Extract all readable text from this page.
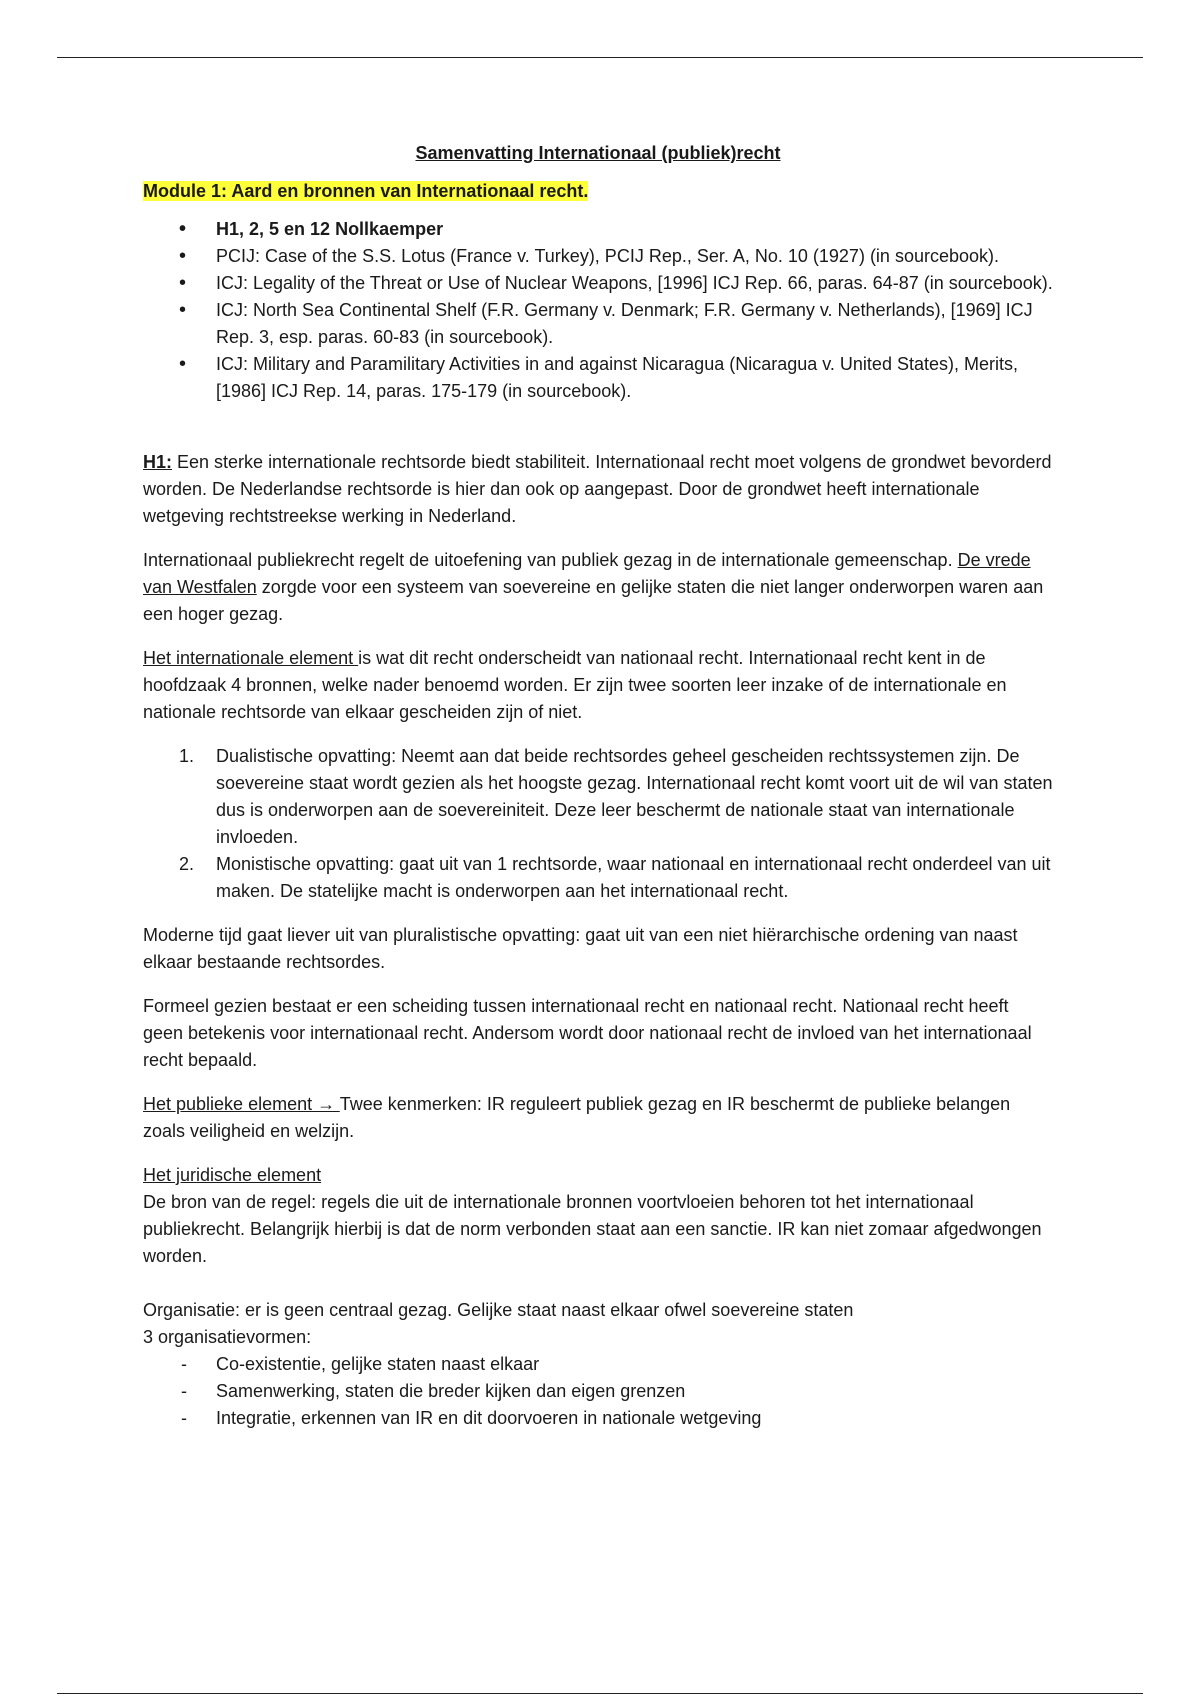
Samenvatting Internationaal (publiek)recht
Module 1: Aard en bronnen van Internationaal recht.
• H1, 2, 5 en 12 Nollkaemper
• PCIJ: Case of the S.S. Lotus (France v. Turkey), PCIJ Rep., Ser. A, No. 10 (1927) (in sourcebook).
• ICJ: Legality of the Threat or Use of Nuclear Weapons, [1996] ICJ Rep. 66, paras. 64-87 (in sourcebook).
• ICJ: North Sea Continental Shelf (F.R. Germany v. Denmark; F.R. Germany v. Netherlands), [1969] ICJ Rep. 3, esp. paras. 60-83 (in sourcebook).
• ICJ: Military and Paramilitary Activities in and against Nicaragua (Nicaragua v. United States), Merits, [1986] ICJ Rep. 14, paras. 175-179 (in sourcebook).

H1: Een sterke internationale rechtsorde biedt stabiliteit. Internationaal recht moet volgens de grondwet bevorderd worden. De Nederlandse rechtsorde is hier dan ook op aangepast. Door de grondwet heeft internationale wetgeving rechtstreekse werking in Nederland.

Internationaal publiekrecht regelt de uitoefening van publiek gezag in de internationale gemeenschap. De vrede van Westfalen zorgde voor een systeem van soevereine en gelijke staten die niet langer onderworpen waren aan een hoger gezag.

Het internationale element is wat dit recht onderscheidt van nationaal recht. Internationaal recht kent in de hoofdzaak 4 bronnen, welke nader benoemd worden. Er zijn twee soorten leer inzake of de internationale en nationale rechtsorde van elkaar gescheiden zijn of niet.

1. Dualistische opvatting: Neemt aan dat beide rechtsordes geheel gescheiden rechtssystemen zijn. De soevereine staat wordt gezien als het hoogste gezag. Internationaal recht komt voort uit de wil van staten dus is onderworpen aan de soevereiniteit. Deze leer beschermt de nationale staat van internationale invloeden.
2. Monistische opvatting: gaat uit van 1 rechtsorde, waar nationaal en internationaal recht onderdeel van uit maken. De statelijke macht is onderworpen aan het internationaal recht.

Moderne tijd gaat liever uit van pluralistische opvatting: gaat uit van een niet hiërarchische ordening van naast elkaar bestaande rechtsordes.

Formeel gezien bestaat er een scheiding tussen internationaal recht en nationaal recht. Nationaal recht heeft geen betekenis voor internationaal recht. Andersom wordt door nationaal recht de invloed van het internationaal recht bepaald.

Het publieke element → Twee kenmerken: IR reguleert publiek gezag en IR beschermt de publieke belangen zoals veiligheid en welzijn.

Het juridische element

De bron van de regel: regels die uit de internationale bronnen voortvloeien behoren tot het internationaal publiekrecht. Belangrijk hierbij is dat de norm verbonden staat aan een sanctie. IR kan niet zomaar afgedwongen worden.

Organisatie: er is geen centraal gezag. Gelijke staat naast elkaar ofwel soevereine staten
3 organisatievormen:
- Co-existentie, gelijke staten naast elkaar
- Samenwerking, staten die breder kijken dan eigen grenzen
- Integratie, erkennen van IR en dit doorvoeren in nationale wetgeving
